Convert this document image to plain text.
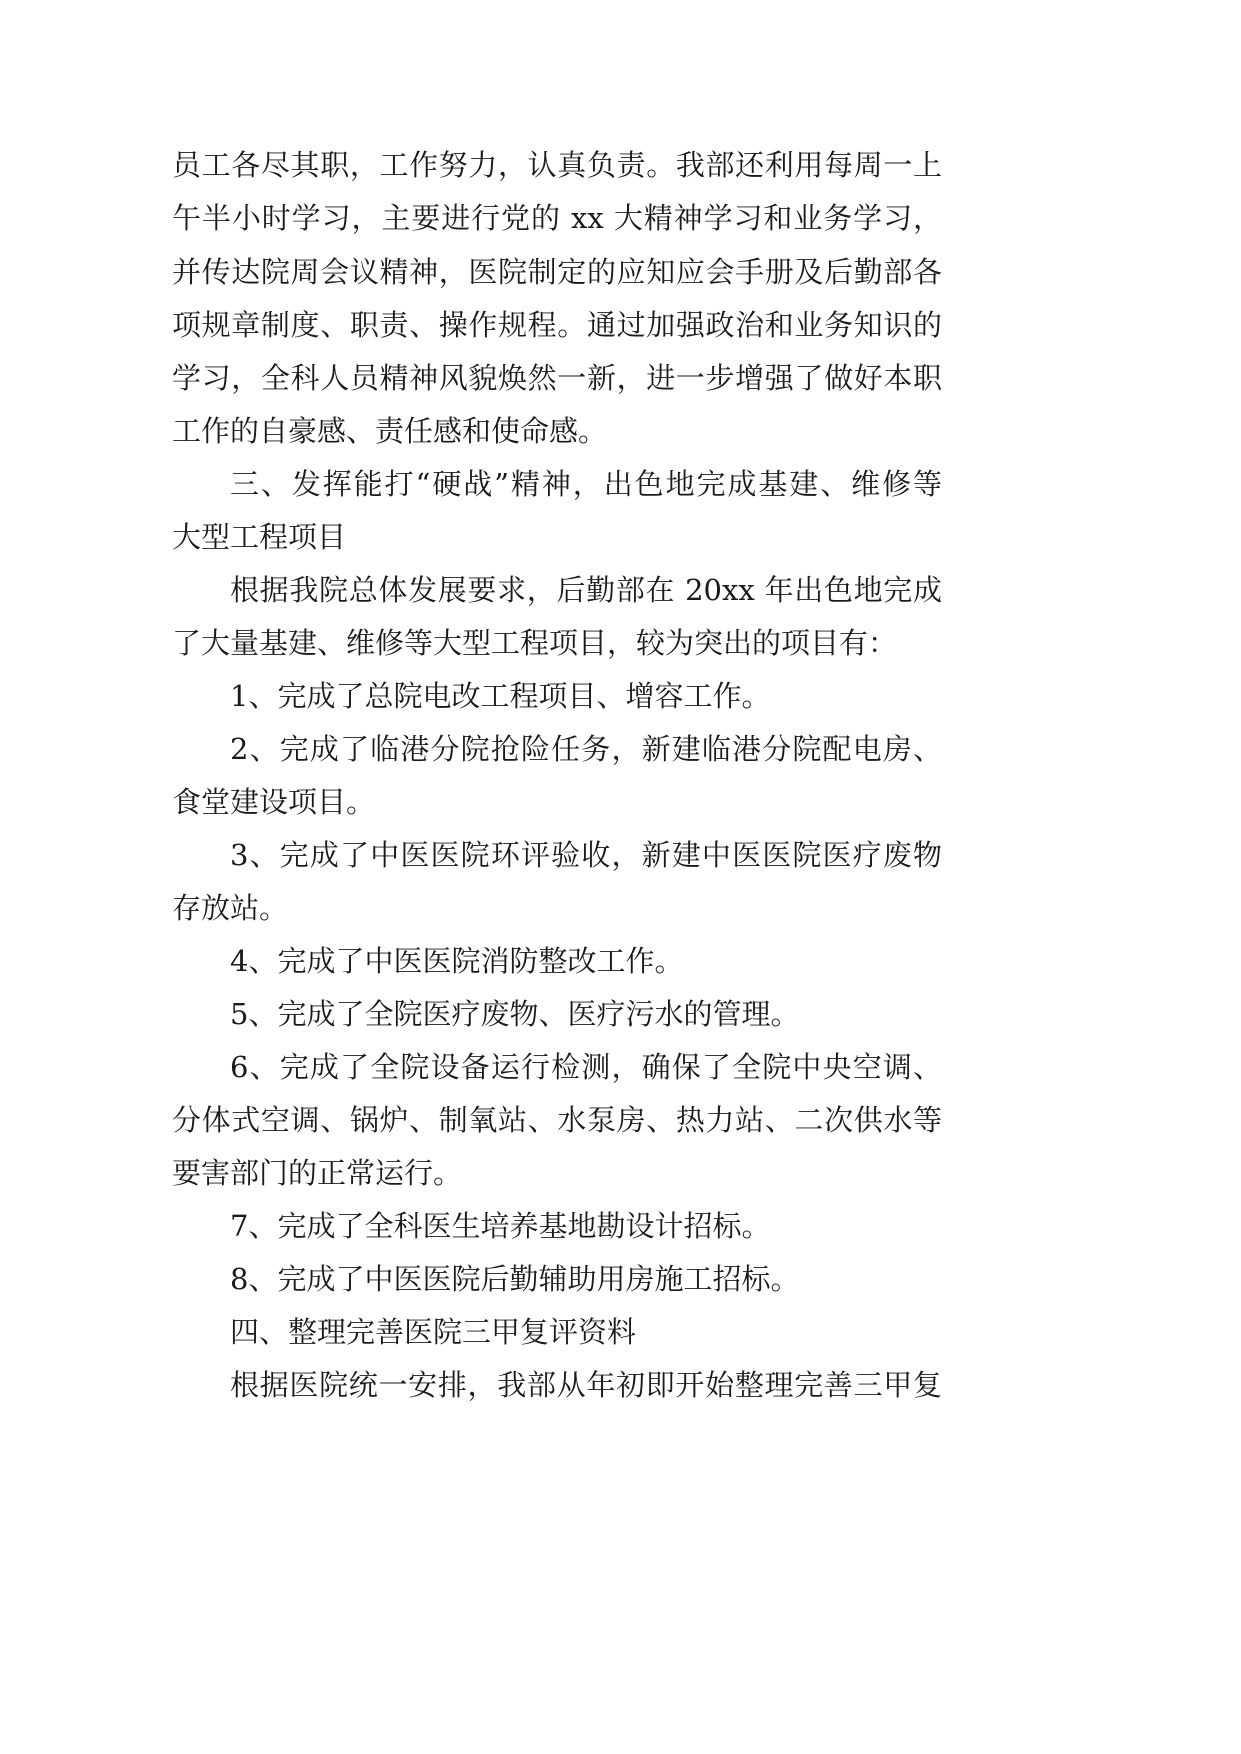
员工各尽其职，工作努力，认真负责。我部还利用每周一上
午半小时学习，主要进行党的 xx 大精神学习和业务学习，
并传达院周会议精神，医院制定的应知应会手册及后勤部各
项规章制度、职责、操作规程。通过加强政治和业务知识的
学习，全科人员精神风貌焕然一新，进一步增强了做好本职
工作的自豪感、责任感和使命感。
三、发挥能打“硬战”精神，出色地完成基建、维修等
大型工程项目
根据我院总体发展要求，后勤部在 20xx 年出色地完成
了大量基建、维修等大型工程项目，较为突出的项目有：
1、完成了总院电改工程项目、增容工作。
2、完成了临港分院抢险任务，新建临港分院配电房、
食堂建设项目。
3、完成了中医医院环评验收，新建中医医院医疗废物
存放站。
4、完成了中医医院消防整改工作。
5、完成了全院医疗废物、医疗污水的管理。
6、完成了全院设备运行检测，确保了全院中央空调、
分体式空调、锅炉、制氧站、水泵房、热力站、二次供水等
要害部门的正常运行。
7、完成了全科医生培养基地勘设计招标。
8、完成了中医医院后勤辅助用房施工招标。
四、整理完善医院三甲复评资料
根据医院统一安排，我部从年初即开始整理完善三甲复
